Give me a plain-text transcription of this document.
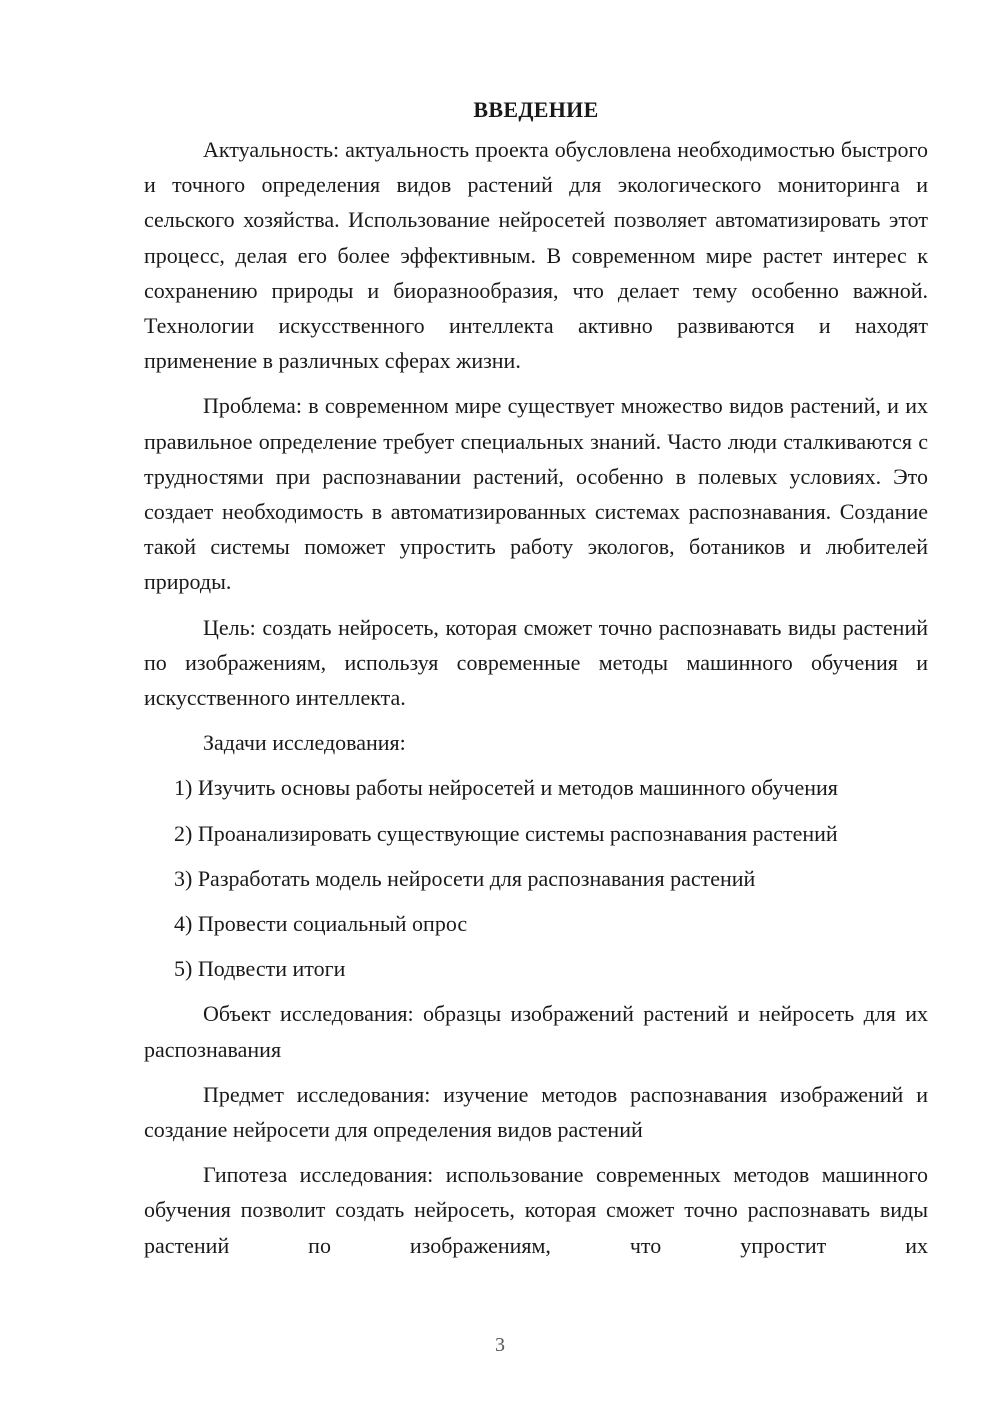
ВВЕДЕНИЕ

Актуальность: актуальность проекта обусловлена необходимостью быстрого и точного определения видов растений для экологического мониторинга и сельского хозяйства. Использование нейросетей позволяет автоматизировать этот процесс, делая его более эффективным. В современном мире растет интерес к сохранению природы и биоразнообразия, что делает тему особенно важной. Технологии искусственного интеллекта активно развиваются и находят применение в различных сферах жизни.

Проблема: в современном мире существует множество видов растений, и их правильное определение требует специальных знаний. Часто люди сталкиваются с трудностями при распознавании растений, особенно в полевых условиях. Это создает необходимость в автоматизированных системах распознавания. Создание такой системы поможет упростить работу экологов, ботаников и любителей природы.

Цель: создать нейросеть, которая сможет точно распознавать виды растений по изображениям, используя современные методы машинного обучения и искусственного интеллекта.

Задачи исследования:

1) Изучить основы работы нейросетей и методов машинного обучения
2) Проанализировать существующие системы распознавания растений
3) Разработать модель нейросети для распознавания растений
4) Провести социальный опрос
5) Подвести итоги

Объект исследования: образцы изображений растений и нейросеть для их распознавания

Предмет исследования: изучение методов распознавания изображений и создание нейросети для определения видов растений

Гипотеза исследования: использование современных методов машинного обучения позволит создать нейросеть, которая сможет точно распознавать виды растений по изображениям, что упростит их

3
